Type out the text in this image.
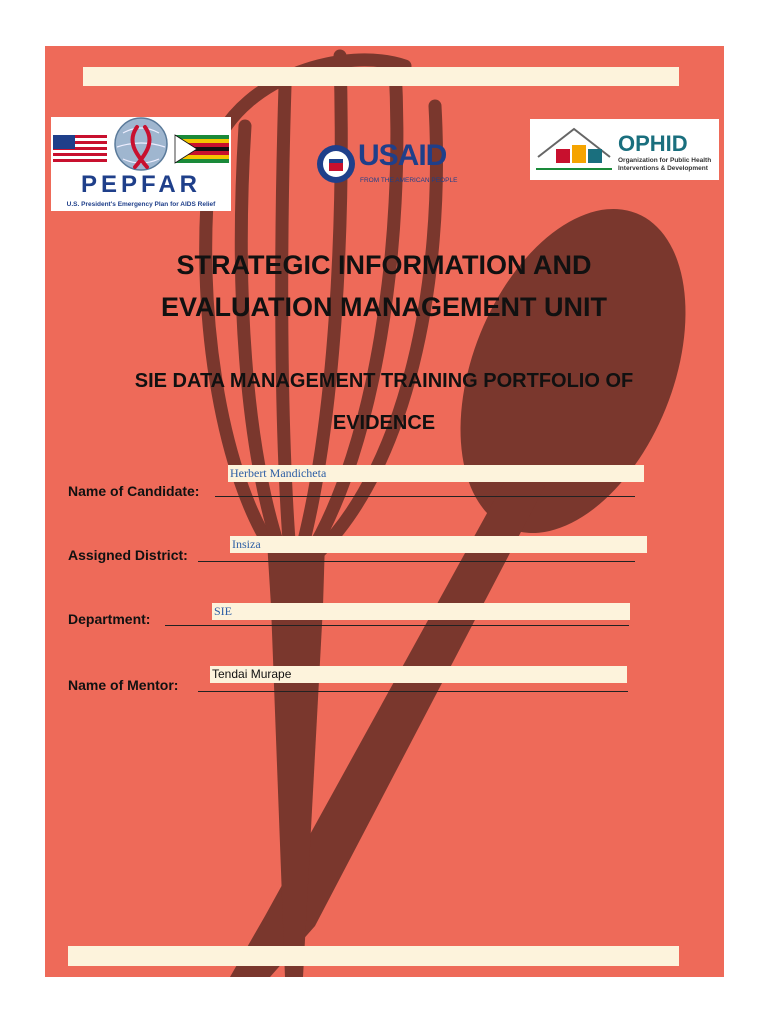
PEPFAR
U.S. President's Emergency Plan for AIDS Relief
USAID
FROM THE AMERICAN PEOPLE
OPHID
Organization for Public Health
Interventions & Development
STRATEGIC INFORMATION AND
EVALUATION MANAGEMENT UNIT
SIE DATA MANAGEMENT TRAINING PORTFOLIO OF
EVIDENCE
Name of Candidate:
Herbert Mandicheta
Assigned District:
Insiza
Department:	SIE
Name of Mentor:
Tendai Murape
